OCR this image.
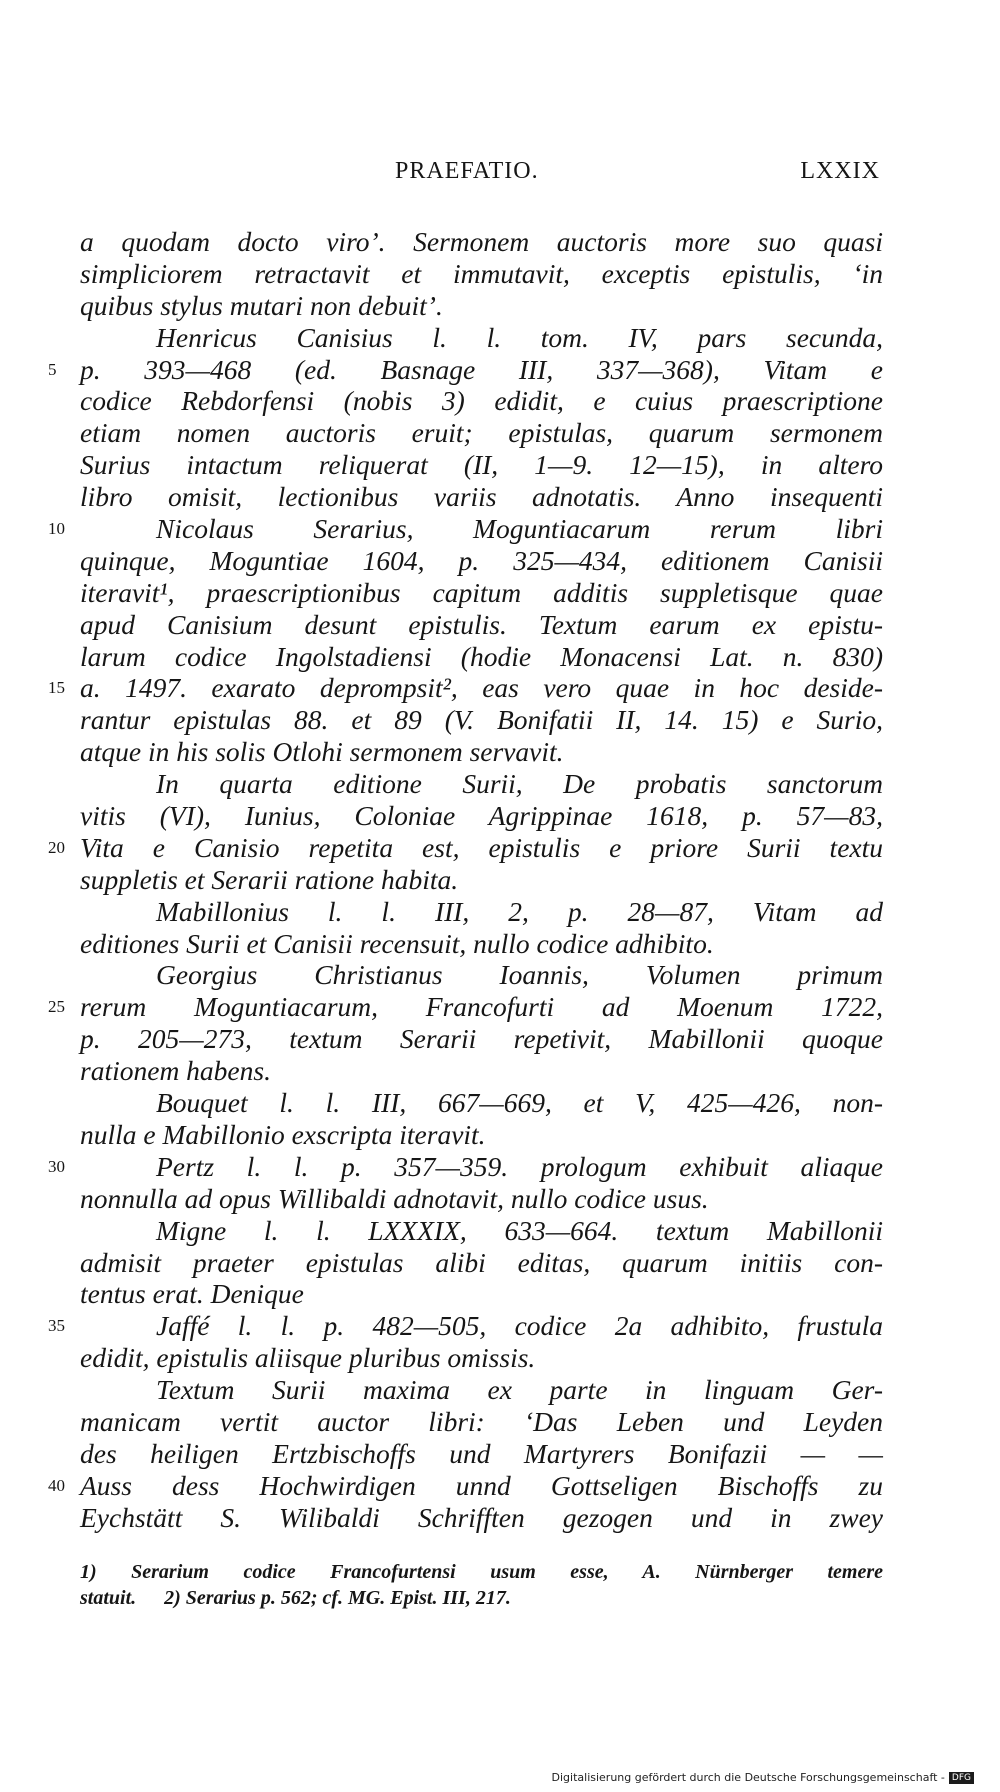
PRAEFATIO.	LXXIX
a quodam docto viro’. Sermonem auctoris more suo quasi
simpliciorem retractavit et immutavit, exceptis epistulis, ‘in
quibus stylus mutari non debuit’.
Henricus Canisius l. l. tom. IV, pars secunda,
5 p. 393—468 (ed. Basnage III, 337—368), Vitam e
codice Rebdorfensi (nobis 3) edidit, e cuius praescriptione
etiam nomen auctoris eruit; epistulas, quarum sermonem
Surius intactum reliquerat (II, 1—9. 12—15), in altero
libro omisit, lectionibus variis adnotatis. Anno insequenti
10	Nicolaus Serarius, Moguntiacarum rerum libri
quinque, Moguntiae 1604, p. 325—434, editionem Canisii
iteravit¹, praescriptionibus capitum additis suppletisque quae
apud Canisium desunt epistulis. Textum earum ex epistu-
larum codice Ingolstadiensi (hodie Monacensi Lat. n. 830)
15 a. 1497. exarato deprompsit², eas vero quae in hoc deside-
rantur epistulas 88. et 89 (V. Bonifatii II, 14. 15) e Surio,
atque in his solis Otlohi sermonem servavit.
In quarta editione Surii, De probatis sanctorum
vitis (VI), Iunius, Coloniae Agrippinae 1618, p. 57—83,
20 Vita e Canisio repetita est, epistulis e priore Surii textu
suppletis et Serarii ratione habita.
Mabillonius l. l. III, 2, p. 28—87, Vitam ad
editiones Surii et Canisii recensuit, nullo codice adhibito.
Georgius Christianus Ioannis, Volumen primum
25 rerum Moguntiacarum, Francofurti ad Moenum 1722,
p. 205—273, textum Serarii repetivit, Mabillonii quoque
rationem habens.
Bouquet l. l. III, 667—669, et V, 425—426, non-
nulla e Mabillonio exscripta iteravit.
30	Pertz l. l. p. 357—359. prologum exhibuit aliaque
nonnulla ad opus Willibaldi adnotavit, nullo codice usus.
Migne l. l. LXXXIX, 633—664. textum Mabillonii
admisit praeter epistulas alibi editas, quarum initiis con-
tentus erat. Denique
35	Jaffé l. l. p. 482—505, codice 2a adhibito, frustula
edidit, epistulis aliisque pluribus omissis.
Textum Surii maxima ex parte in linguam Ger-
manicam vertit auctor libri: ‘Das Leben und Leyden
des heiligen Ertzbischoffs und Martyrers Bonifazii — —
40 Auss dess Hochwirdigen unnd Gottseligen Bischoffs zu
Eychstätt S. Wilibaldi Schrifften gezogen und in zwey
1) Serarium codice Francofurtensi usum esse, A. Nürnberger temere
statuit. 2) Serarius p. 562; cf. MG. Epist. III, 217.
Digitalisierung gefördert durch die Deutsche Forschungsgemeinschaft - DFG
